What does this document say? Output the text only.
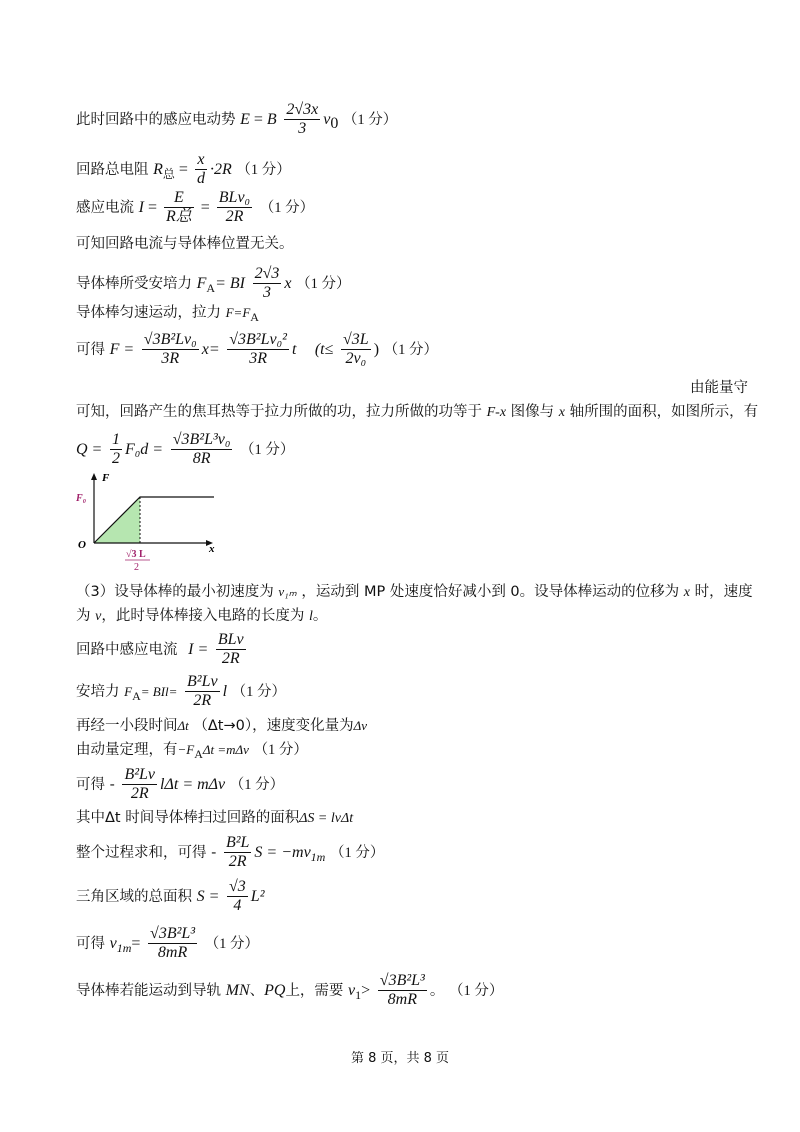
此时回路中的感应电动势 E = B $\frac{2√3x}{3} v_0$ （1 分）
回路总电阻 $R_总 = \frac{x}{d} \cdot 2R$ （1 分）
感应电流 $I = \frac{E}{\text{R总}} = \frac{\text{BLv₀}}{2R} (1$ 分）
可知回路电流与导体棒位置无关。
导体棒所受安培力 $F_A=$ BI $\frac{2√3}{3}$ x （1 分）
导体棒匀速运动，拉力 $F=F_A$
可得 $F = \frac{\text{√3B²Lv₀}}{3R} x= \frac{\text{√3B²Lv₀²}}{3R}$ t ($t\le \frac{√3L}{\text{2v₀}}$ ) （1 分）
由能量守
可知，回路产生的焦耳热等于拉力所做的功，拉力所做的功等于 F-x 图像与 x 轴所围的面积，如图所示，有
$Q = \frac{1}{2} F_0d = \frac{\text{√3B²L³v₀}}{8R} (1$ 分）
F
F₀
O	x
√3 L
2
（3）设导体棒的最小初速度为 v₁ₘ ，运动到 MP 处速度恰好减小到 0。设导体棒运动的位移为 x 时，速度
为 v，此时导体棒接入电路的长度为 l。
回路中感应电流 $I = \frac{\text{BLv}}{2R}$
安培力 $F_A= BIl= \frac{\text{B²Lv}}{2R}$ l （1 分）
再经一小段时间Δt （Δt→0），速度变化量为Δv
由动量定理，有$-F_A\Delta t =m\Delta v$ （1 分）
可得 - $\frac{\text{B²Lv}}{2R}$ lΔt = mΔv （1 分）
其中Δt 时间导体棒扫过回路的面积ΔS = lvΔt
整个过程求和，可得 - $\frac{\text{B²L}}{2R}$ $S = -mv_{1m}$ （1 分）
三角区域的总面积 $S = \frac{√3}{4} L^2$
可得 $v_{1m}= \frac{\text{√3B²L³}}{8mR} (1$ 分）
导体棒若能运动到导轨 MN、PQ上，需要 $v_1> \frac{\text{√3B²L³}}{8mR}$ 。 （1 分）
第 8 页，共 8 页
